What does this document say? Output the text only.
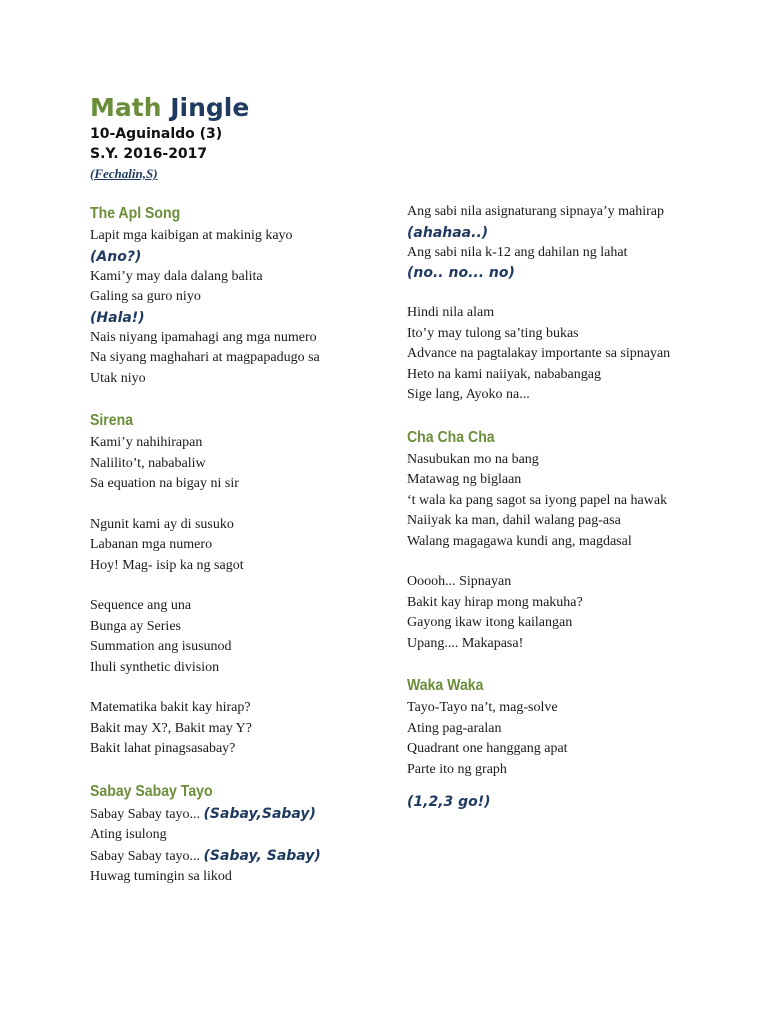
Math Jingle
10-Aguinaldo (3)
S.Y. 2016-2017
(Fechalin,S)
The Apl Song
Lapit mga kaibigan at makinig kayo
(Ano?)
Kami’y may dala dalang balita
Galing sa guro niyo
(Hala!)
Nais niyang ipamahagi ang mga numero
Na siyang maghahari at magpapadugo sa
Utak niyo
Sirena
Kami’y nahihirapan
Nalilito’t, nababaliw
Sa equation na bigay ni sir
Ngunit kami ay di susuko
Labanan mga numero
Hoy! Mag- isip ka ng sagot
Sequence ang una
Bunga ay Series
Summation ang isusunod
Ihuli synthetic division
Matematika bakit kay hirap?
Bakit may X?, Bakit may Y?
Bakit lahat pinagsasabay?
Sabay Sabay Tayo
Sabay Sabay tayo... (Sabay,Sabay)
Ating isulong
Sabay Sabay tayo... (Sabay, Sabay)
Huwag tumingin sa likod
Ang sabi nila asignaturang sipnaya’y mahirap
(ahahaa..)
Ang sabi nila k-12 ang dahilan ng lahat
(no.. no... no)
Hindi nila alam
Ito’y may tulong sa’ting bukas
Advance na pagtalakay importante sa sipnayan
Heto na kami naiiyak, nababangag
Sige lang, Ayoko na...
Cha Cha Cha
Nasubukan mo na bang
Matawag ng biglaan
‘t wala ka pang sagot sa iyong papel na hawak
Naiiyak ka man, dahil walang pag-asa
Walang magagawa kundi ang, magdasal
Ooooh... Sipnayan
Bakit kay hirap mong makuha?
Gayong ikaw itong kailangan
Upang.... Makapasa!
Waka Waka
Tayo-Tayo na’t, mag-solve
Ating pag-aralan
Quadrant one hanggang apat
Parte ito ng graph
(1,2,3 go!)
